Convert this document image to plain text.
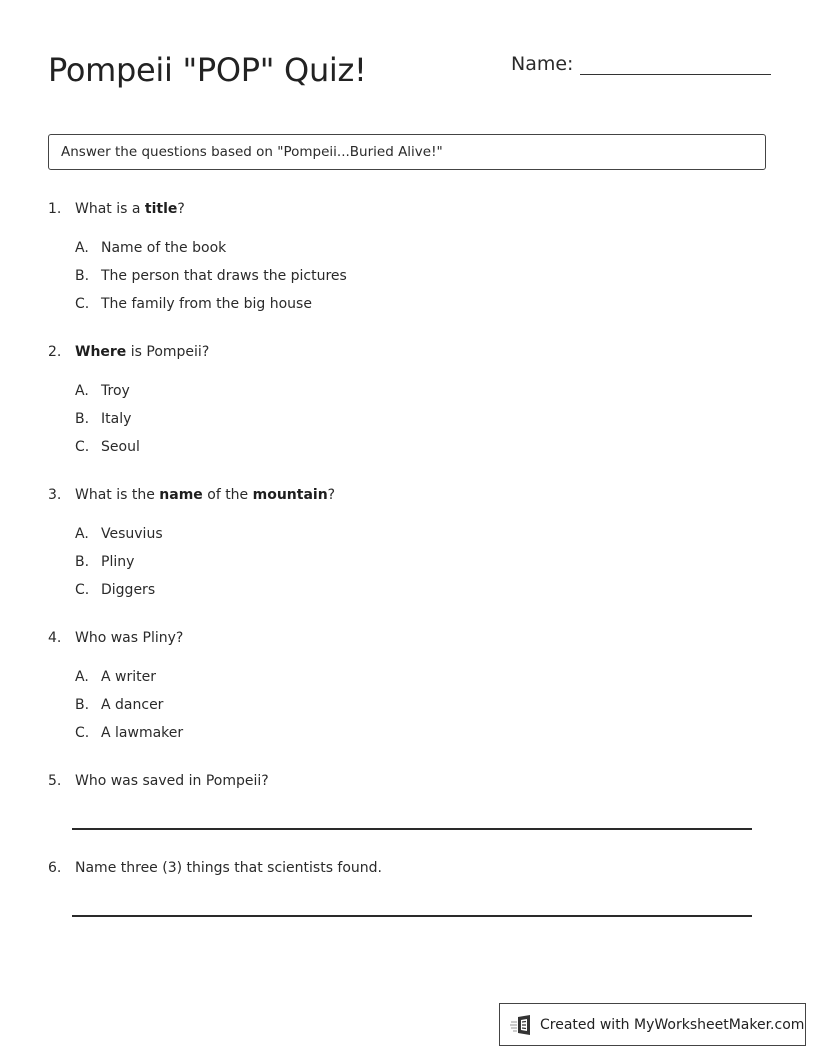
Pompeii "POP" Quiz!	Name:
Answer the questions based on "Pompeii...Buried Alive!"
1. What is a title?
A. Name of the book
B. The person that draws the pictures
C. The family from the big house
2. Where is Pompeii?
A. Troy
B. Italy
C. Seoul
3. What is the name of the mountain?
A. Vesuvius
B. Pliny
C. Diggers
4. Who was Pliny?
A. A writer
B. A dancer
C. A lawmaker
5. Who was saved in Pompeii?
6. Name three (3) things that scientists found.
Created with MyWorksheetMaker.com
